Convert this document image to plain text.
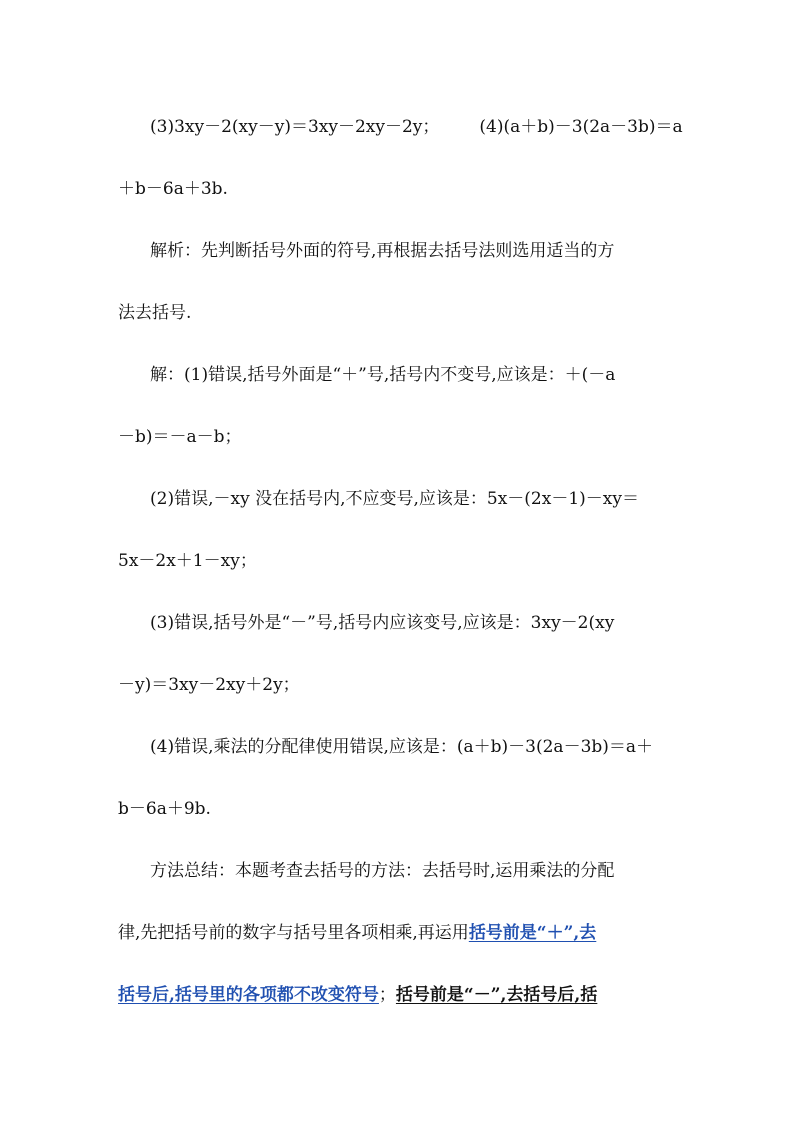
(3)3xy－2(xy－y)＝3xy－2xy－2y； (4)(a＋b)－3(2a－3b)＝a
＋b－6a＋3b.
解析：先判断括号外面的符号,再根据去括号法则选用适当的方
法去括号.
解：(1)错误,括号外面是“＋”号,括号内不变号,应该是：＋(－a
－b)＝－a－b；
(2)错误,－xy 没在括号内,不应变号,应该是：5x－(2x－1)－xy＝
5x－2x＋1－xy；
(3)错误,括号外是“－”号,括号内应该变号,应该是：3xy－2(xy
－y)＝3xy－2xy＋2y；
(4)错误,乘法的分配律使用错误,应该是：(a＋b)－3(2a－3b)＝a＋
b－6a＋9b.
方法总结：本题考查去括号的方法：去括号时,运用乘法的分配
律,先把括号前的数字与括号里各项相乘,再运用括号前是“＋”,去
括号后,括号里的各项都不改变符号；括号前是“－”,去括号后,括
